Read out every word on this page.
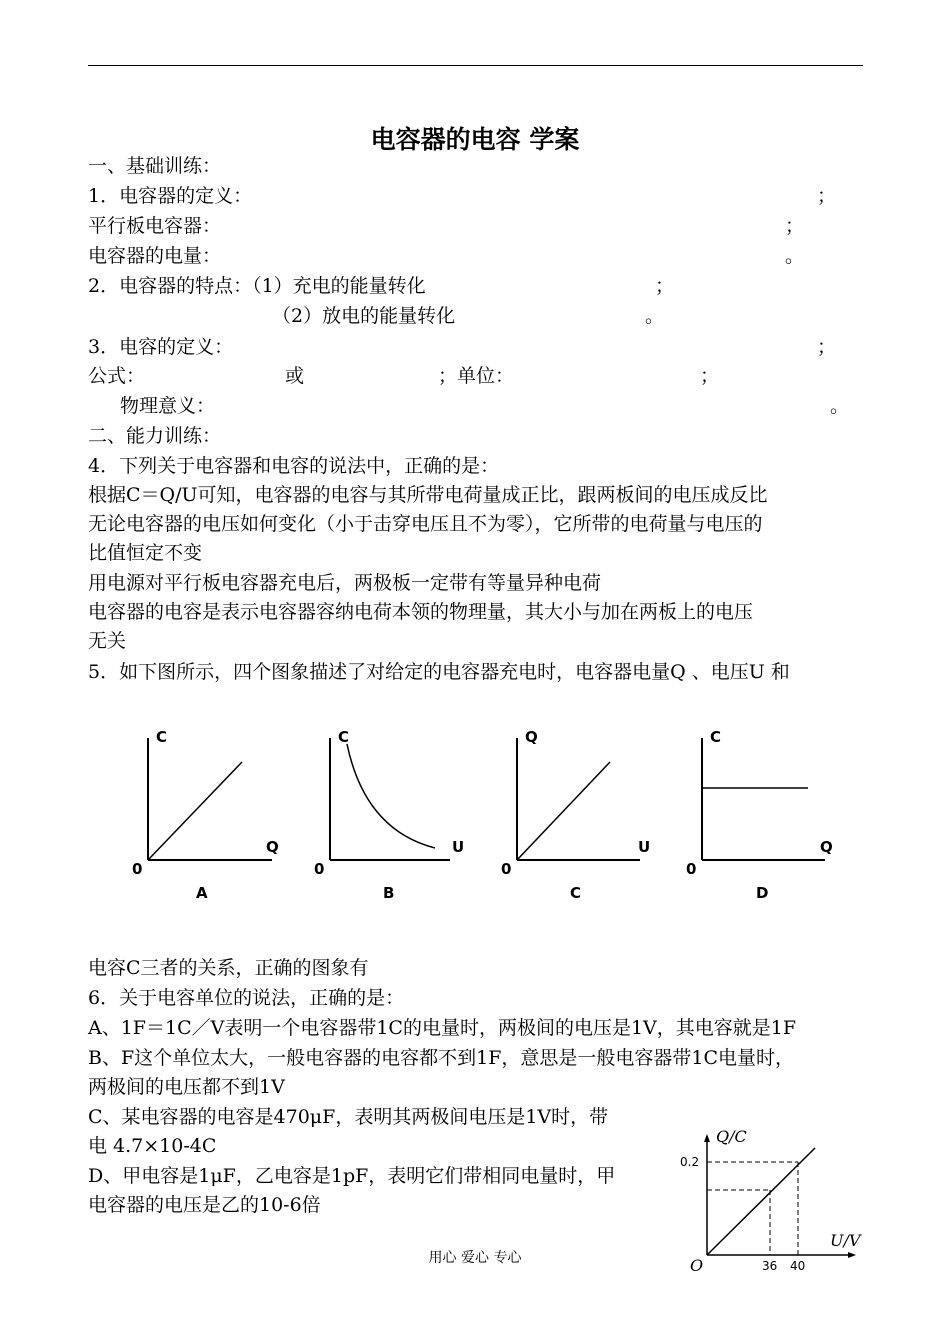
电容器的电容 学案
一、基础训练：
1．电容器的定义：	；
平行板电容器：	；
电容器的电量：	。
2．电容器的特点：（1）充电的能量转化	；
（2）放电的能量转化	。
3．电容的定义：	；
公式：	或	；单位：	；
物理意义：	。
二、能力训练：
4．下列关于电容器和电容的说法中，正确的是：
根据C＝Q/U可知，电容器的电容与其所带电荷量成正比，跟两板间的电压成反比
无论电容器的电压如何变化（小于击穿电压且不为零），它所带的电荷量与电压的
比值恒定不变
用电源对平行板电容器充电后，两极板一定带有等量异种电荷
电容器的电容是表示电容器容纳电荷本领的物理量，其大小与加在两板上的电压
无关
5．如下图所示，四个图象描述了对给定的电容器充电时，电容器电量Q 、电压U 和
C
Q
0
A
C
U
0
B
Q
U
0
C
C
Q
0
D
电容C三者的关系，正确的图象有
6．关于电容单位的说法，正确的是：
A、1F＝1C／V表明一个电容器带1C的电量时，两极间的电压是1V，其电容就是1F
B、F这个单位太大，一般电容器的电容都不到1F，意思是一般电容器带1C电量时，
两极间的电压都不到1V
C、某电容器的电容是470μF，表明其两极间电压是1V时，带
电 4.7×10-4C
D、甲电容是1μF，乙电容是1pF，表明它们带相同电量时，甲
电容器的电压是乙的10-6倍
Q/C
U/V
O
0.2
36 40
用心 爱心 专心
